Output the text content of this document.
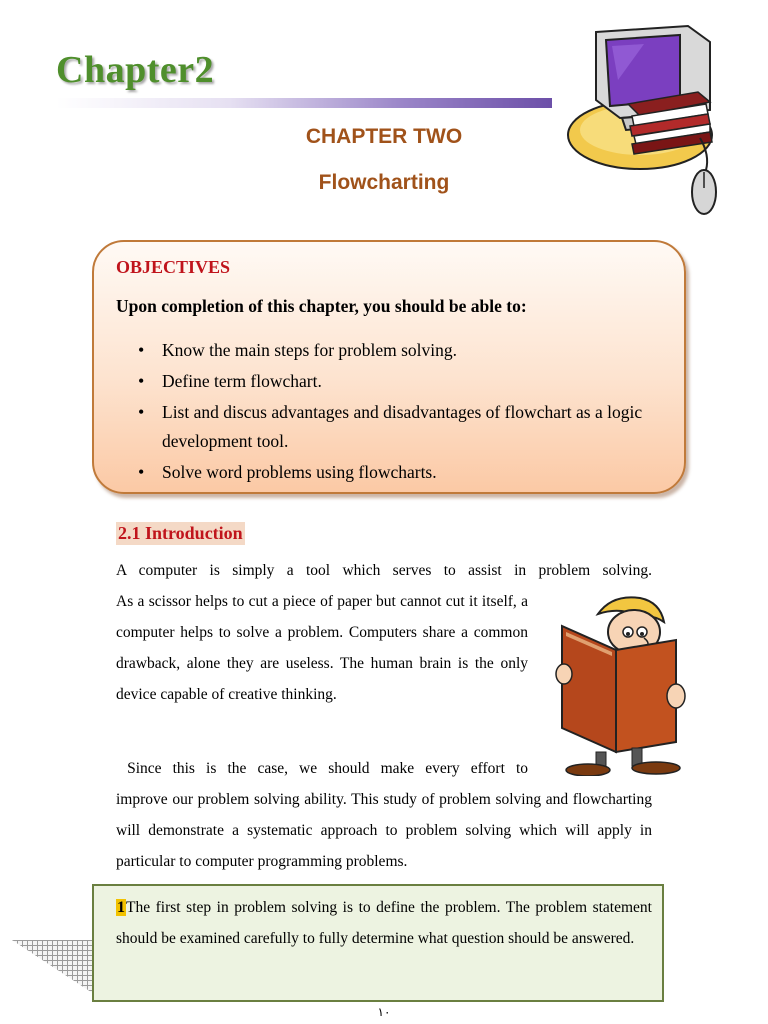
Chapter2
CHAPTER TWO
Flowcharting
OBJECTIVES
Upon completion of this chapter, you should be able to:
• Know the main steps for problem solving.
• Define term flowchart.
• List and discus advantages and disadvantages of flowchart as a logic development tool.
• Solve word problems using flowcharts.
2.1 Introduction
A computer is simply a tool which serves to assist in problem solving.
As a scissor helps to cut a piece of paper but cannot cut it itself, a computer helps to solve a problem. Computers share a common drawback, alone they are useless. The human brain is the only device capable of creative thinking.
Since this is the case, we should make every effort to
improve our problem solving ability. This study of problem solving and flowcharting will demonstrate a systematic approach to problem solving which will apply in particular to computer programming problems.
1The first step in problem solving is to define the problem. The problem statement should be examined carefully to fully determine what question should be answered.
١٠
